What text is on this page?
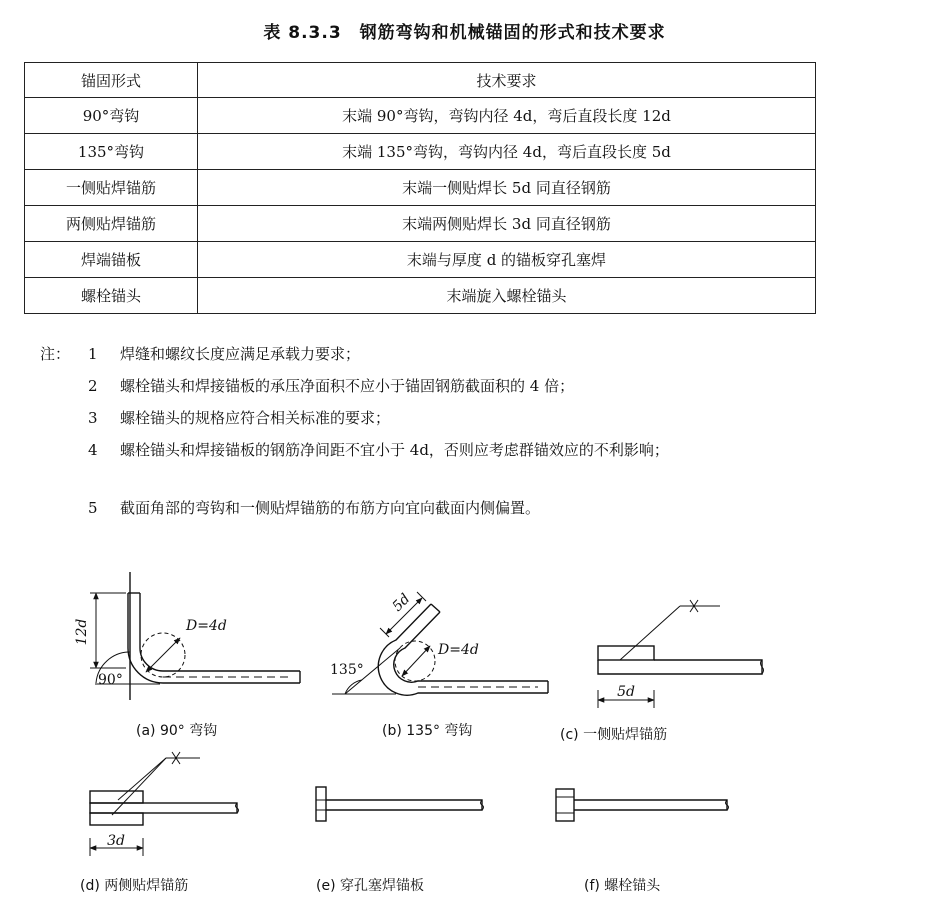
表 8.3.3 钢筋弯钩和机械锚固的形式和技术要求
锚固形式	技术要求
90°弯钩	末端 90°弯钩，弯钩内径 4d，弯后直段长度 12d
135°弯钩	末端 135°弯钩，弯钩内径 4d，弯后直段长度 5d
一侧贴焊锚筋	末端一侧贴焊长 5d 同直径钢筋
两侧贴焊锚筋	末端两侧贴焊长 3d 同直径钢筋
焊端锚板	末端与厚度 d 的锚板穿孔塞焊
螺栓锚头	末端旋入螺栓锚头
注： 1 焊缝和螺纹长度应满足承载力要求；
2 螺栓锚头和焊接锚板的承压净面积不应小于锚固钢筋截面积的 4 倍；
3 螺栓锚头的规格应符合相关标准的要求；
4 螺栓锚头和焊接锚板的钢筋净间距不宜小于 4d，否则应考虑群锚效应的不利影响；
5 截面角部的弯钩和一侧贴焊锚筋的布筋方向宜向截面内侧偏置。
12d	D=4d
90°
5d
D=4d
135°
5d
3d
(a) 90° 弯钩	(b) 135° 弯钩	(c) 一侧贴焊锚筋
(d) 两侧贴焊锚筋	(e) 穿孔塞焊锚板	(f) 螺栓锚头
